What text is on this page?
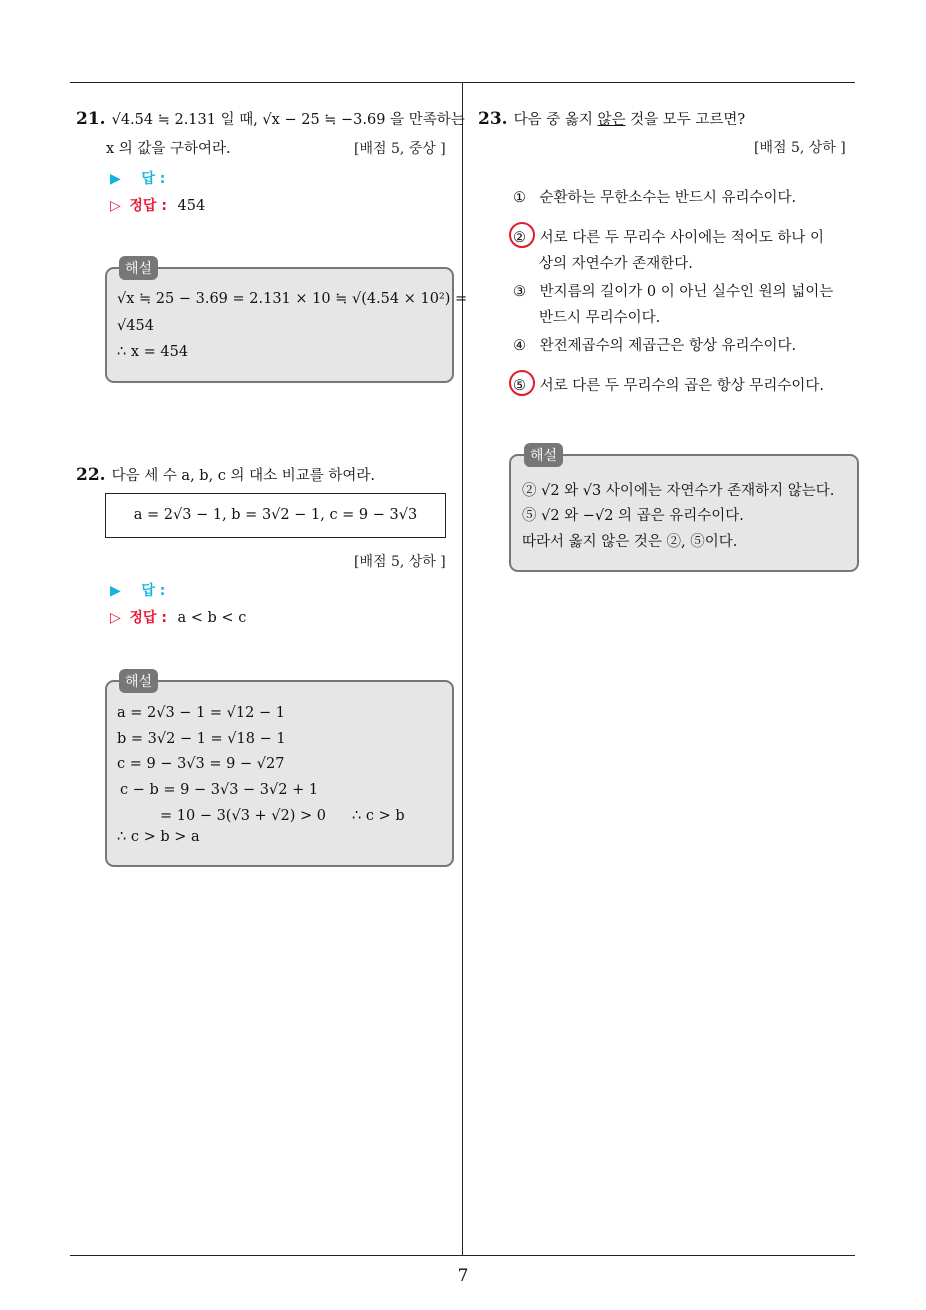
21. √4.54 ≒ 2.131 일 때, √x − 25 ≒ −3.69 을 만족하는
x 의 값을 구하여라.	[배점 5, 중상 ]
▶ 답 :
▷ 정답 : 454
해설
√x ≒ 25 − 3.69 = 2.131 × 10 ≒ √(4.54 × 10²) =
√454
∴ x = 454
22. 다음 세 수 a, b, c 의 대소 비교를 하여라.
a = 2√3 − 1, b = 3√2 − 1, c = 9 − 3√3
[배점 5, 상하 ]
▶ 답 :
▷ 정답 : a < b < c
해설
a = 2√3 − 1 = √12 − 1
b = 3√2 − 1 = √18 − 1
c = 9 − 3√3 = 9 − √27
c − b = 9 − 3√3 − 3√2 + 1
= 10 − 3(√3 + √2) > 0 ∴ c > b
∴ c > b > a
23. 다음 중 옳지 않은 것을 모두 고르면?
[배점 5, 상하 ]
① 순환하는 무한소수는 반드시 유리수이다.
② 서로 다른 두 무리수 사이에는 적어도 하나 이
상의 자연수가 존재한다.
③ 반지름의 길이가 0 이 아닌 실수인 원의 넓이는
반드시 무리수이다.
④ 완전제곱수의 제곱근은 항상 유리수이다.
⑤ 서로 다른 두 무리수의 곱은 항상 무리수이다.
해설
② √2 와 √3 사이에는 자연수가 존재하지 않는다.
⑤ √2 와 −√2 의 곱은 유리수이다.
따라서 옳지 않은 것은 ②, ⑤이다.
7
